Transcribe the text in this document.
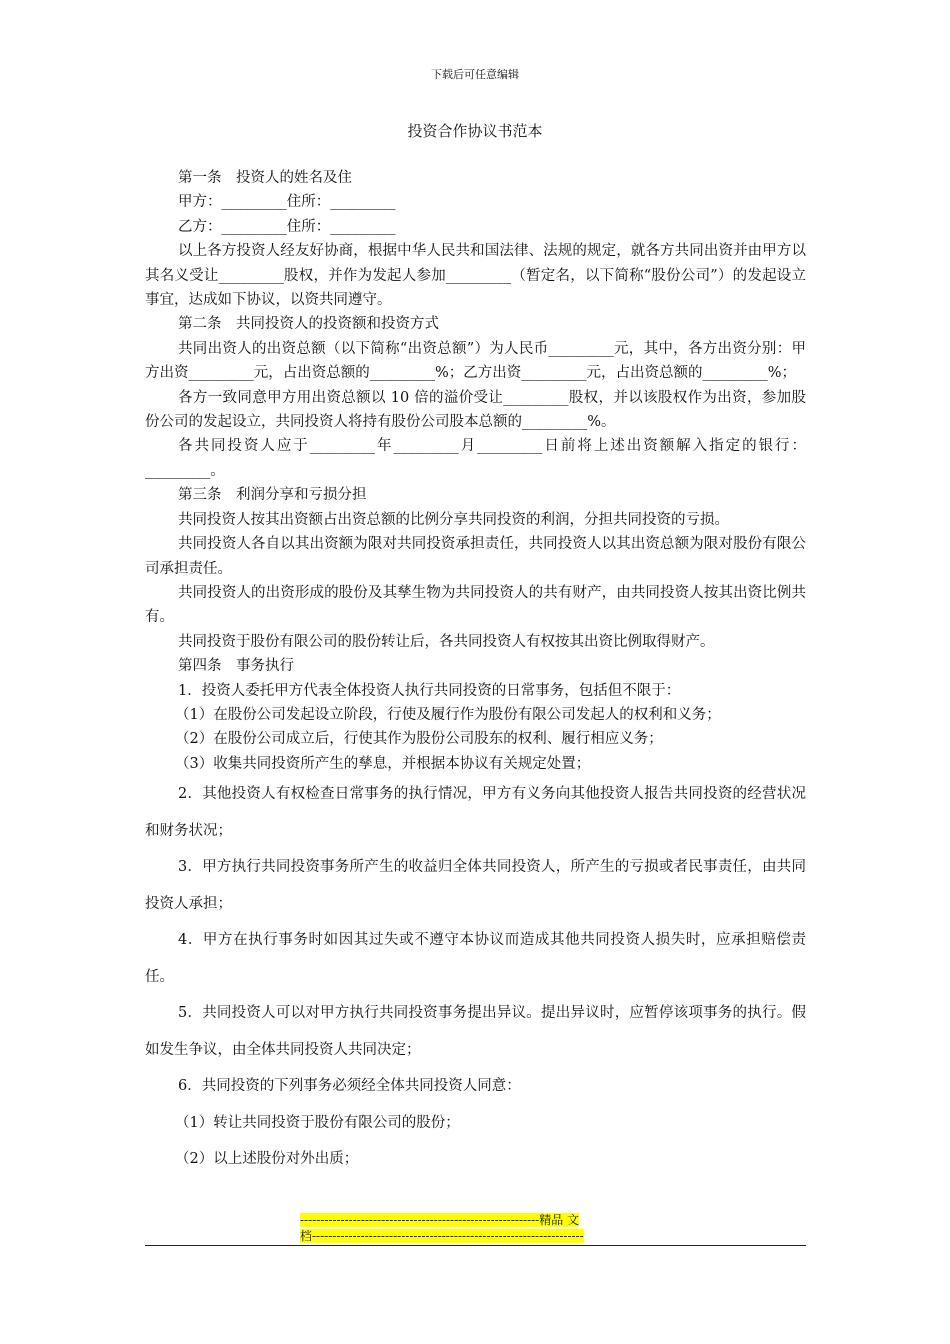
下载后可任意编辑
投资合作协议书范本

第一条　投资人的姓名及住

甲方：_________住所：_________

乙方：_________住所：_________

以上各方投资人经友好协商，根据中华人民共和国法律、法规的规定，就各方共同出资并由甲方以其名义受让_________股权，并作为发起人参加_________（暂定名，以下简称“股份公司”）的发起设立事宜，达成如下协议，以资共同遵守。

第二条　共同投资人的投资额和投资方式

共同出资人的出资总额（以下简称“出资总额”）为人民币_________元，其中，各方出资分别：甲方出资_________元，占出资总额的_________%；乙方出资_________元，占出资总额的_________%；

各方一致同意甲方用出资总额以 10 倍的溢价受让_________股权，并以该股权作为出资，参加股份公司的发起设立，共同投资人将持有股份公司股本总额的_________%。

各共同投资人应于_________年_________月_________日前将上述出资额解入指定的银行：_________。

第三条　利润分享和亏损分担

共同投资人按其出资额占出资总额的比例分享共同投资的利润，分担共同投资的亏损。

共同投资人各自以其出资额为限对共同投资承担责任，共同投资人以其出资总额为限对股份有限公司承担责任。

共同投资人的出资形成的股份及其孳生物为共同投资人的共有财产，由共同投资人按其出资比例共有。

共同投资于股份有限公司的股份转让后，各共同投资人有权按其出资比例取得财产。

第四条　事务执行

1．投资人委托甲方代表全体投资人执行共同投资的日常事务，包括但不限于：

（1）在股份公司发起设立阶段，行使及履行作为股份有限公司发起人的权利和义务；

（2）在股份公司成立后，行使其作为股份公司股东的权利、履行相应义务；

（3）收集共同投资所产生的孳息，并根据本协议有关规定处置；

2．其他投资人有权检查日常事务的执行情况，甲方有义务向其他投资人报告共同投资的经营状况和财务状况；

3．甲方执行共同投资事务所产生的收益归全体共同投资人，所产生的亏损或者民事责任，由共同投资人承担；

4．甲方在执行事务时如因其过失或不遵守本协议而造成其他共同投资人损失时，应承担赔偿责任。

5．共同投资人可以对甲方执行共同投资事务提出异议。提出异议时，应暂停该项事务的执行。假如发生争议，由全体共同投资人共同决定；

6．共同投资的下列事务必须经全体共同投资人同意：

（1）转让共同投资于股份有限公司的股份；

（2）以上述股份对外出质；

-----------------------------------------------------------精品 文
档-------------------------------------------------------------------
